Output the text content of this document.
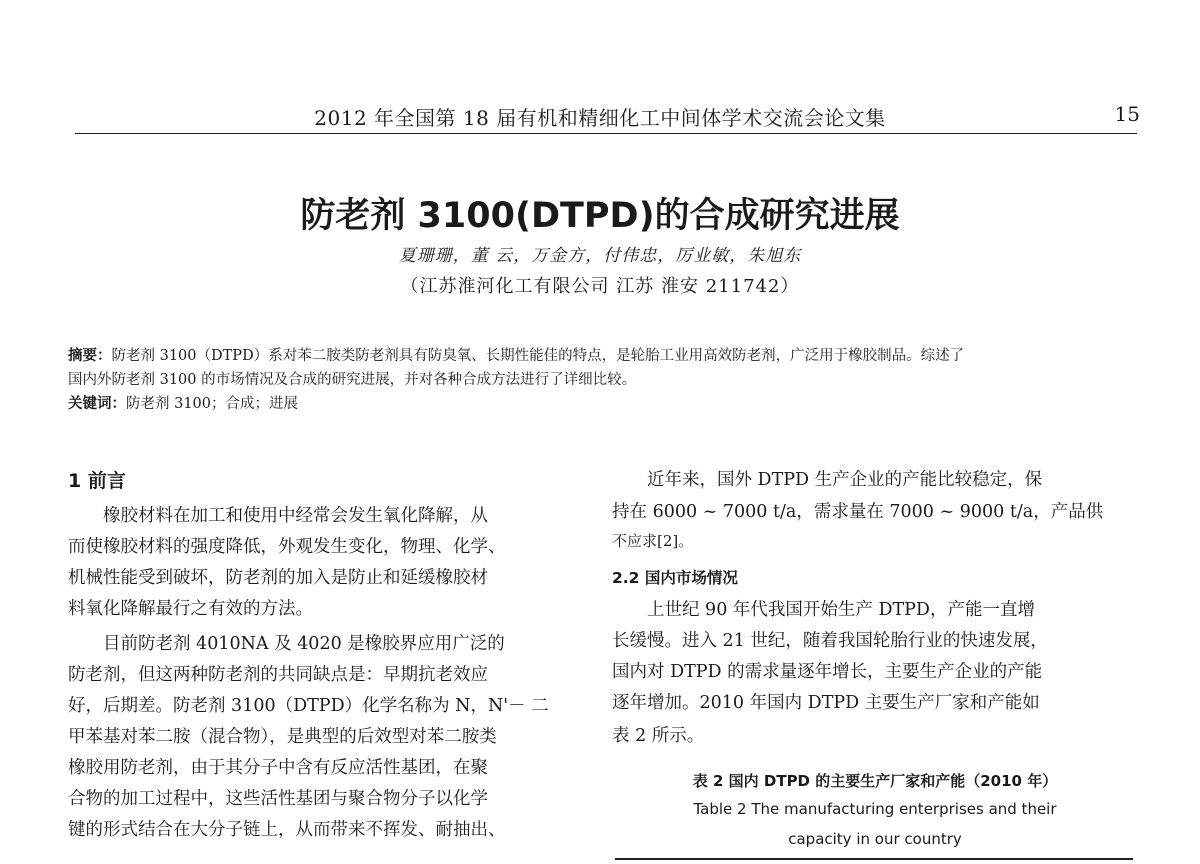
2012 年全国第 18 届有机和精细化工中间体学术交流会论文集	15
防老剂 3100(DTPD)的合成研究进展
夏珊珊，董 云，万金方，付伟忠，厉业敏，朱旭东
（江苏淮河化工有限公司 江苏 淮安 211742）
摘要：防老剂 3100（DTPD）系对苯二胺类防老剂具有防臭氧、长期性能佳的特点，是轮胎工业用高效防老剂，广泛用于橡胶制品。综述了
国内外防老剂 3100 的市场情况及合成的研究进展，并对各种合成方法进行了详细比较。
关键词：防老剂 3100；合成；进展
1 前言
　　橡胶材料在加工和使用中经常会发生氧化降解，从
而使橡胶材料的强度降低，外观发生变化，物理、化学、
机械性能受到破坏，防老剂的加入是防止和延缓橡胶材
料氧化降解最行之有效的方法。
　　目前防老剂 4010NA 及 4020 是橡胶界应用广泛的
防老剂，但这两种防老剂的共同缺点是：早期抗老效应
好，后期差。防老剂 3100（DTPD）化学名称为 N，N'－ 二
甲苯基对苯二胺（混合物），是典型的后效型对苯二胺类
橡胶用防老剂，由于其分子中含有反应活性基团，在聚
合物的加工过程中，这些活性基团与聚合物分子以化学
键的形式结合在大分子链上，从而带来不挥发、耐抽出、
　　近年来，国外 DTPD 生产企业的产能比较稳定，保
持在 6000 ~ 7000 t/a，需求量在 7000 ~ 9000 t/a，产品供
不应求[2]。
2.2 国内市场情况
　　上世纪 90 年代我国开始生产 DTPD，产能一直增
长缓慢。进入 21 世纪，随着我国轮胎行业的快速发展，
国内对 DTPD 的需求量逐年增长，主要生产企业的产能
逐年增加。2010 年国内 DTPD 主要生产厂家和产能如
表 2 所示。
表 2 国内 DTPD 的主要生产厂家和产能（2010 年）
Table 2 The manufacturing enterprises and their
capacity in our country
